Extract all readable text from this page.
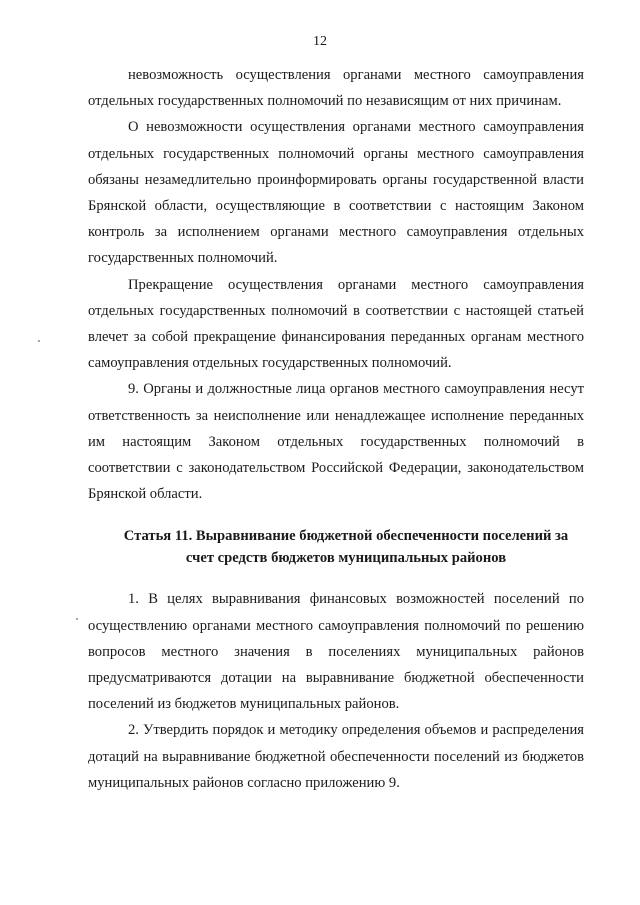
12

невозможность осуществления органами местного самоуправления отдельных государственных полномочий по независящим от них причинам.

О невозможности осуществления органами местного самоуправления отдельных государственных полномочий органы местного самоуправления обязаны незамедлительно проинформировать органы государственной власти Брянской области, осуществляющие в соответствии с настоящим Законом контроль за исполнением органами местного самоуправления отдельных государственных полномочий.

Прекращение осуществления органами местного самоуправления отдельных государственных полномочий в соответствии с настоящей статьей влечет за собой прекращение финансирования переданных органам местного самоуправления отдельных государственных полномочий.

9. Органы и должностные лица органов местного самоуправления несут ответственность за неисполнение или ненадлежащее исполнение переданных им настоящим Законом отдельных государственных полномочий в соответствии с законодательством Российской Федерации, законодательством Брянской области.

Статья 11. Выравнивание бюджетной обеспеченности поселений за
счет средств бюджетов муниципальных районов

1. В целях выравнивания финансовых возможностей поселений по осуществлению органами местного самоуправления полномочий по решению вопросов местного значения в поселениях муниципальных районов предусматриваются дотации на выравнивание бюджетной обеспеченности поселений из бюджетов муниципальных районов.

2. Утвердить порядок и методику определения объемов и распределения дотаций на выравнивание бюджетной обеспеченности поселений из бюджетов муниципальных районов согласно приложению 9.
